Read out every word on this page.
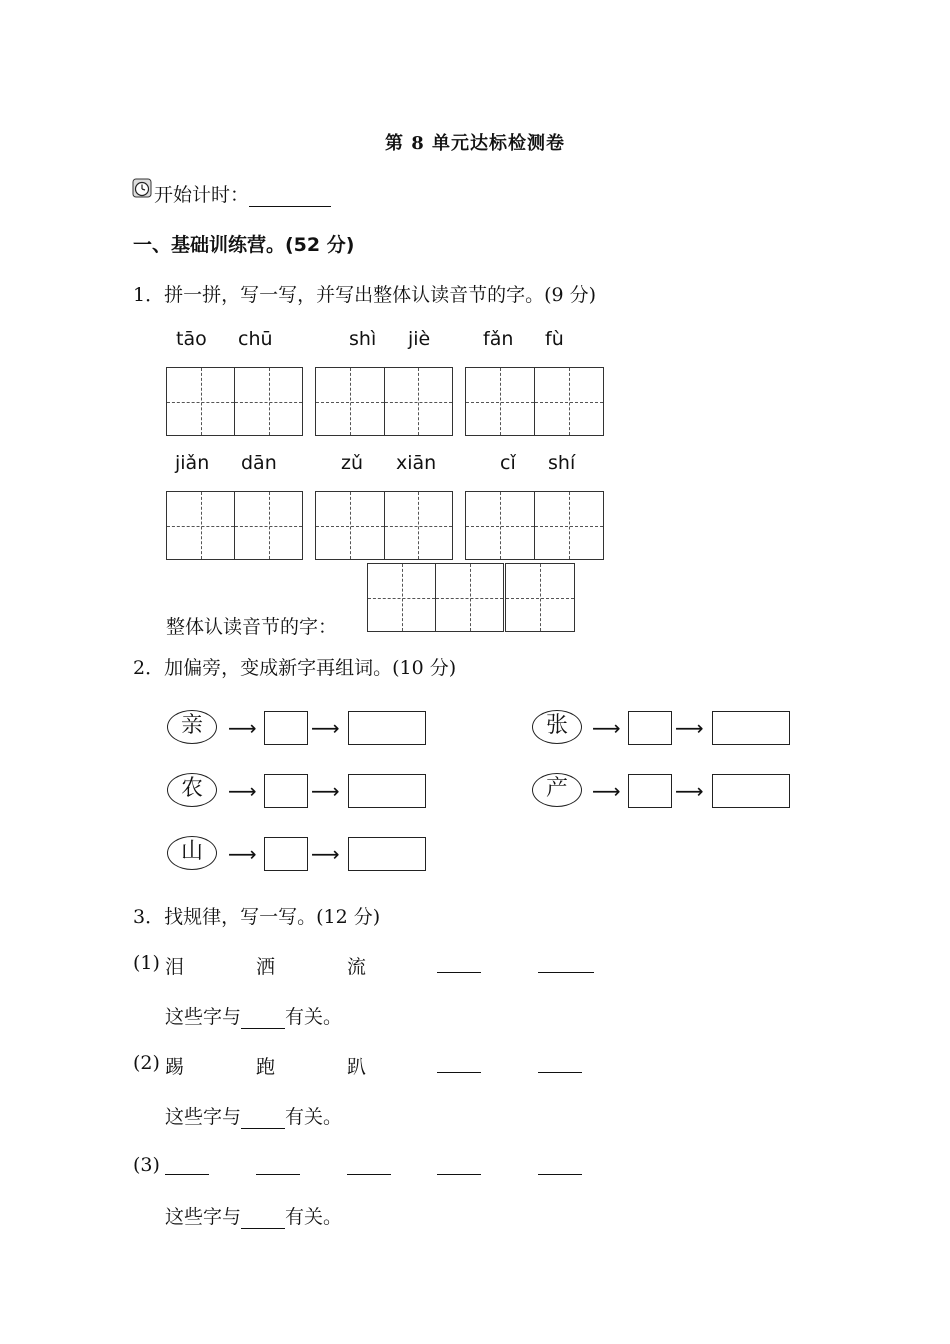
第 8 单元达标检测卷
开始计时：
一、基础训练营。(52 分)
1．拼一拼，写一写，并写出整体认读音节的字。(9 分)
tāo chū	shì jiè	fǎn fù
jiǎn dān	zǔ xiān	cǐ shí
整体认读音节的字：
2．加偏旁，变成新字再组词。(10 分)
亲	⟶	⟶	张	⟶	⟶
农	⟶	⟶	产	⟶	⟶
山	⟶	⟶
3．找规律，写一写。(12 分)
(1) 泪	洒	流
这些字与 有关。
(2) 踢	跑	趴
这些字与 有关。
(3)
这些字与 有关。
